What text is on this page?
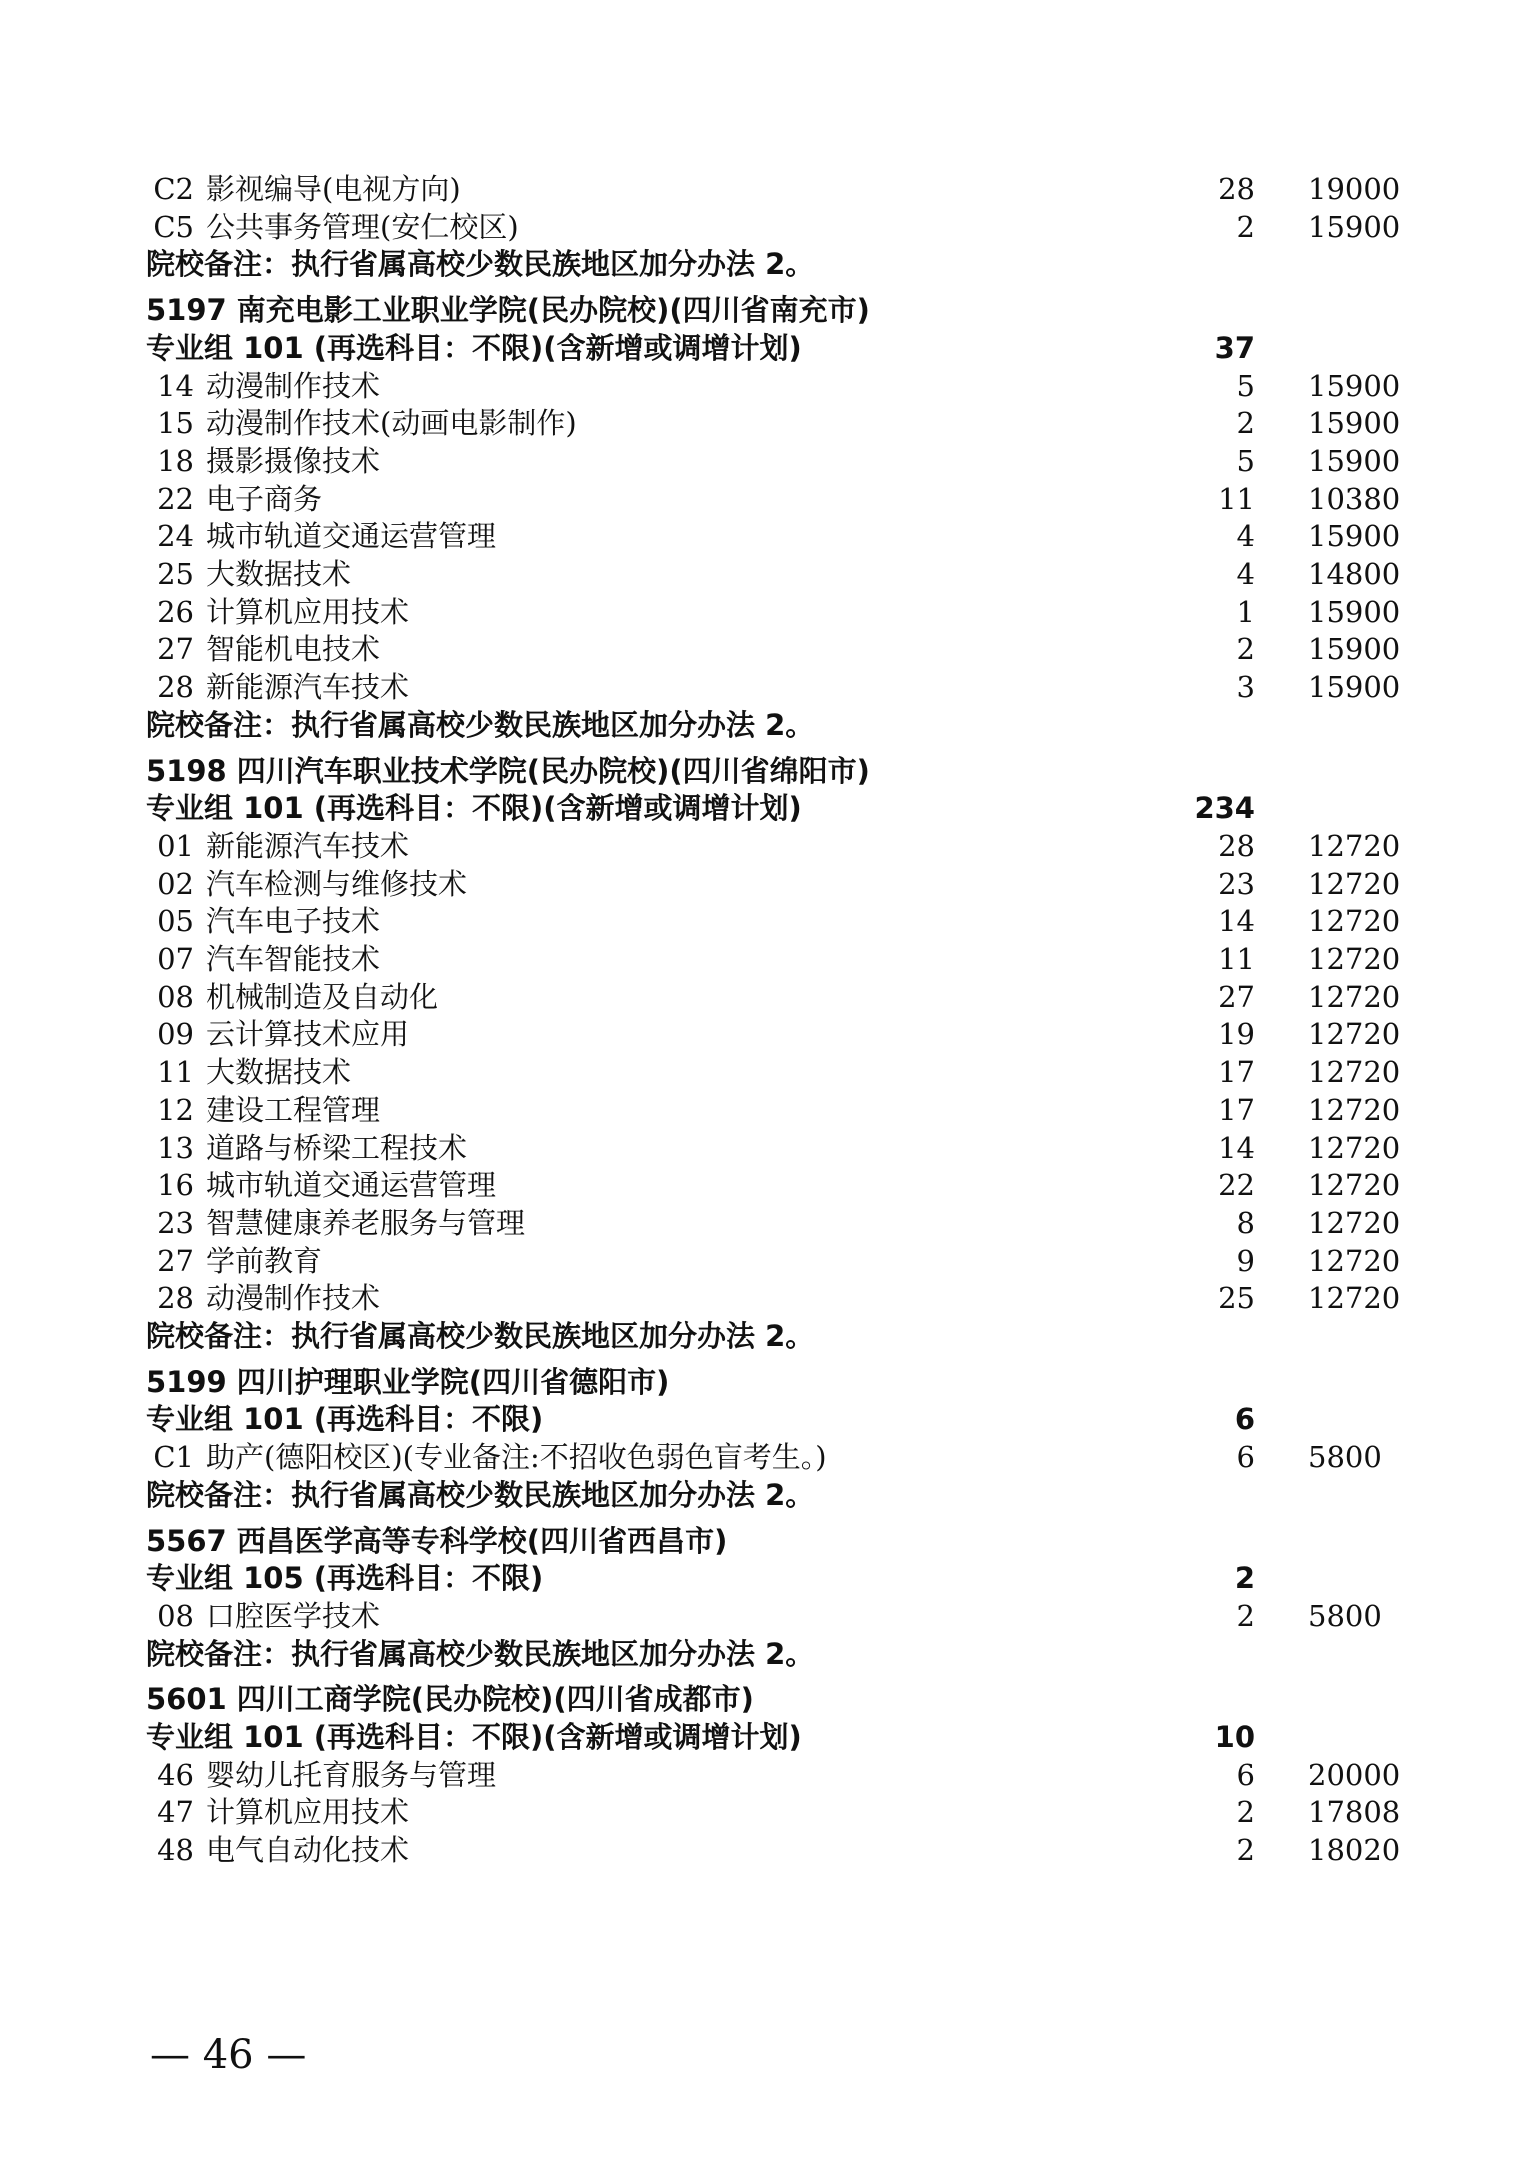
C2 影视编导(电视方向)	28 19000
C5 公共事务管理(安仁校区)	2 15900
院校备注：执行省属高校少数民族地区加分办法 2。
5197 南充电影工业职业学院(民办院校)(四川省南充市)
专业组 101 (再选科目：不限)(含新增或调增计划)	37
14 动漫制作技术	5 15900
15 动漫制作技术(动画电影制作)	2 15900
18 摄影摄像技术	5 15900
22 电子商务	11 10380
24 城市轨道交通运营管理	4 15900
25 大数据技术	4 14800
26 计算机应用技术	1 15900
27 智能机电技术	2 15900
28 新能源汽车技术	3 15900
院校备注：执行省属高校少数民族地区加分办法 2。
5198 四川汽车职业技术学院(民办院校)(四川省绵阳市)
专业组 101 (再选科目：不限)(含新增或调增计划)	234
01 新能源汽车技术	28 12720
02 汽车检测与维修技术	23 12720
05 汽车电子技术	14 12720
07 汽车智能技术	11 12720
08 机械制造及自动化	27 12720
09 云计算技术应用	19 12720
11 大数据技术	17 12720
12 建设工程管理	17 12720
13 道路与桥梁工程技术	14 12720
16 城市轨道交通运营管理	22 12720
23 智慧健康养老服务与管理	8 12720
27 学前教育	9 12720
28 动漫制作技术	25 12720
院校备注：执行省属高校少数民族地区加分办法 2。
5199 四川护理职业学院(四川省德阳市)
专业组 101 (再选科目：不限)	6
C1 助产(德阳校区)(专业备注:不招收色弱色盲考生。)	6 5800
院校备注：执行省属高校少数民族地区加分办法 2。
5567 西昌医学高等专科学校(四川省西昌市)
专业组 105 (再选科目：不限)	2
08 口腔医学技术	2 5800
院校备注：执行省属高校少数民族地区加分办法 2。
5601 四川工商学院(民办院校)(四川省成都市)
专业组 101 (再选科目：不限)(含新增或调增计划)	10
46 婴幼儿托育服务与管理	6 20000
47 计算机应用技术	2 17808
48 电气自动化技术	2 18020
— 46 —
